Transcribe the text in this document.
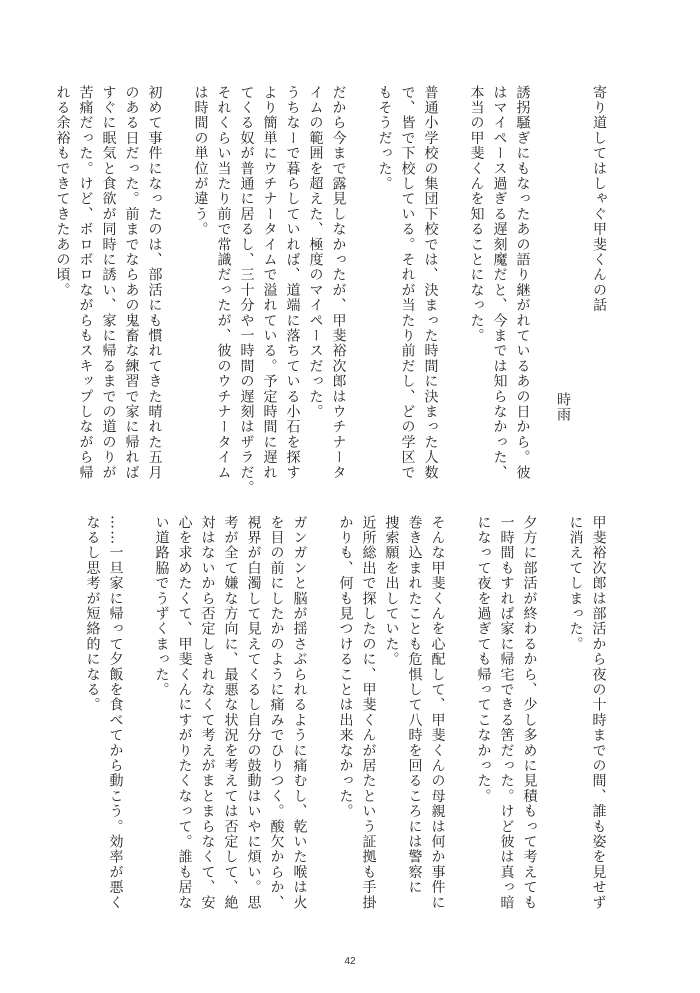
寄り道してはしゃぐ甲斐くんの話
時雨
誘拐騒ぎにもなったあの語り継がれているあの日から。彼
はマイペース過ぎる遅刻魔だと、今までは知らなかった、
本当の甲斐くんを知ることになった。
普通小学校の集団下校では、決まった時間に決まった人数
で、皆で下校している。それが当たり前だし、どの学区で
もそうだった。
だから今まで露見しなかったが、甲斐裕次郎はウチナータ
イムの範囲を超えた、極度のマイペースだった。
うちなーで暮らしていれば、道端に落ちている小石を探す
より簡単にウチナータイムで溢れている。予定時間に遅れ
てくる奴が普通に居るし、三十分や一時間の遅刻はザラだ。
それくらい当たり前で常識だったが、彼のウチナータイム
は時間の単位が違う。
初めて事件になったのは、部活にも慣れてきた晴れた五月
のある日だった。前までならあの鬼畜な練習で家に帰れば
すぐに眠気と食欲が同時に誘い、家に帰るまでの道のりが
苦痛だった。けど、ボロボロながらもスキップしながら帰
れる余裕もできてきたあの頃。
甲斐裕次郎は部活から夜の十時までの間、誰も姿を見せず
に消えてしまった。
夕方に部活が終わるから、少し多めに見積もって考えても
一時間もすれば家に帰宅できる筈だった。けど彼は真っ暗
になって夜を過ぎても帰ってこなかった。
そんな甲斐くんを心配して、甲斐くんの母親は何か事件に
巻き込まれたことも危惧して八時を回るころには警察に
捜索願を出していた。
近所総出で探したのに、甲斐くんが居たという証拠も手掛
かりも、何も見つけることは出来なかった。
ガンガンと脳が揺さぶられるように痛むし、乾いた喉は火
を目の前にしたかのように痛みでひりつく。酸欠からか、
視界が白濁して見えてくるし自分の鼓動はいやに煩い。思
考が全て嫌な方向に、最悪な状況を考えては否定して、絶
対はないから否定しきれなくて考えがまとまらなくて、安
心を求めたくて、甲斐くんにすがりたくなって。誰も居な
い道路脇でうずくまった。
……一旦家に帰って夕飯を食べてから動こう。効率が悪く
なるし思考が短絡的になる。
42
